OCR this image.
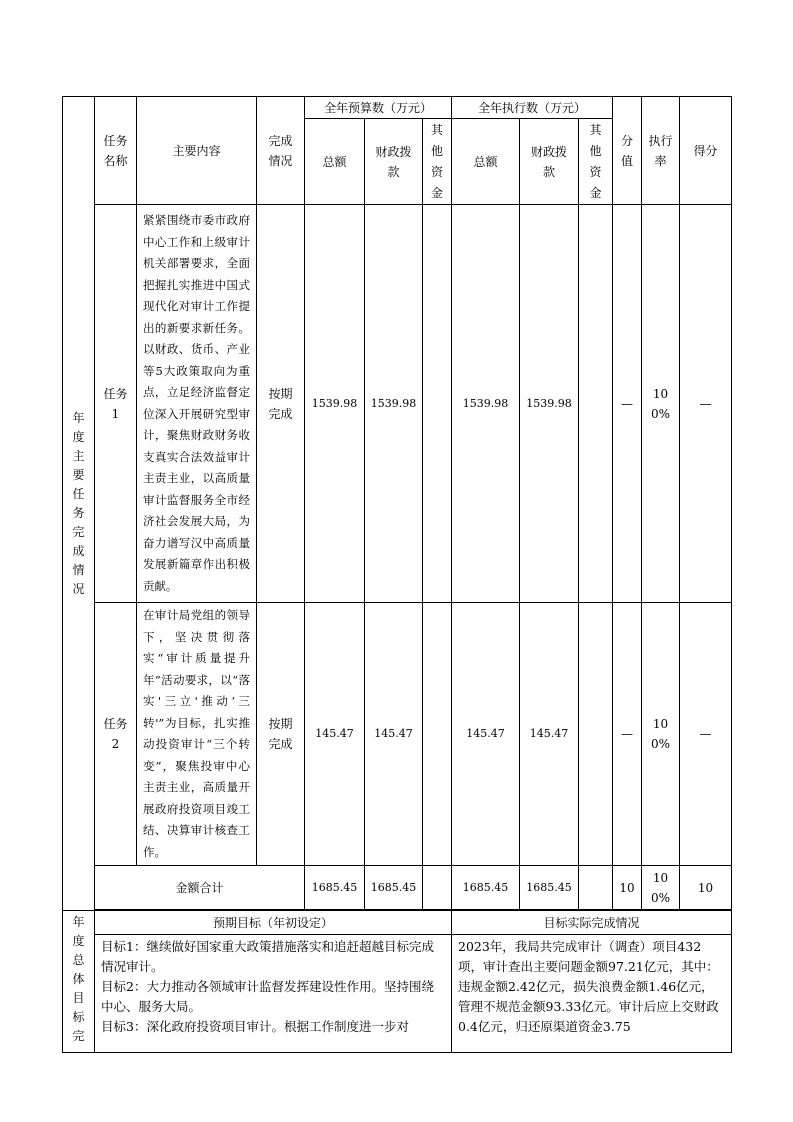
年度主要任务完成情况	任务名称	主要内容	完成情况	全年预算数（万元）			全年执行数（万元）			分值	执行率	得分
				总额	财政拨款	其他资金	总额	财政拨款	其他资金			

	任务1	紧紧围绕市委市政府中心工作和上级审计机关部署要求，全面把握扎实推进中国式现代化对审计工作提出的新要求新任务。以财政、货币、产业等5大政策取向为重点，立足经济监督定位深入开展研究型审计，聚焦财政财务收支真实合法效益审计主责主业，以高质量审计监督服务全市经济社会发展大局，为奋力谱写汉中高质量发展新篇章作出积极贡献。	按期完成	1539.98	1539.98		1539.98	1539.98		—	100%	—

	任务2	在审计局党组的领导下，坚决贯彻落实“审计质量提升年”活动要求，以“落实'三立'推动‘三转'”为目标，扎实推动投资审计“三个转变”，聚焦投审中心主责主业，高质量开展政府投资项目竣工结、决算审计核查工作。	按期完成	145.47	145.47		145.47	145.47		—	100%	—
	金额合计			1685.45	1685.45		1685.45	1685.45		10	100%	10

年度总体目标完	预期目标（年初设定）						目标实际完成情况					

	目标1：继续做好国家重大政策措施落实和追赶超越目标完成情况审计。

目标2：大力推动各领域审计监督发挥建设性作用。坚持围绕中心、服务大局。

目标3：深化政府投资项目审计。根据工作制度进一步对						2023年，我局共完成审计（调查）项目432项，审计查出主要问题金额97.21亿元，其中：违规金额2.42亿元，损失浪费金额1.46亿元，管理不规范金额93.33亿元。审计后应上交财政0.4亿元，归还原渠道资金3.75					
